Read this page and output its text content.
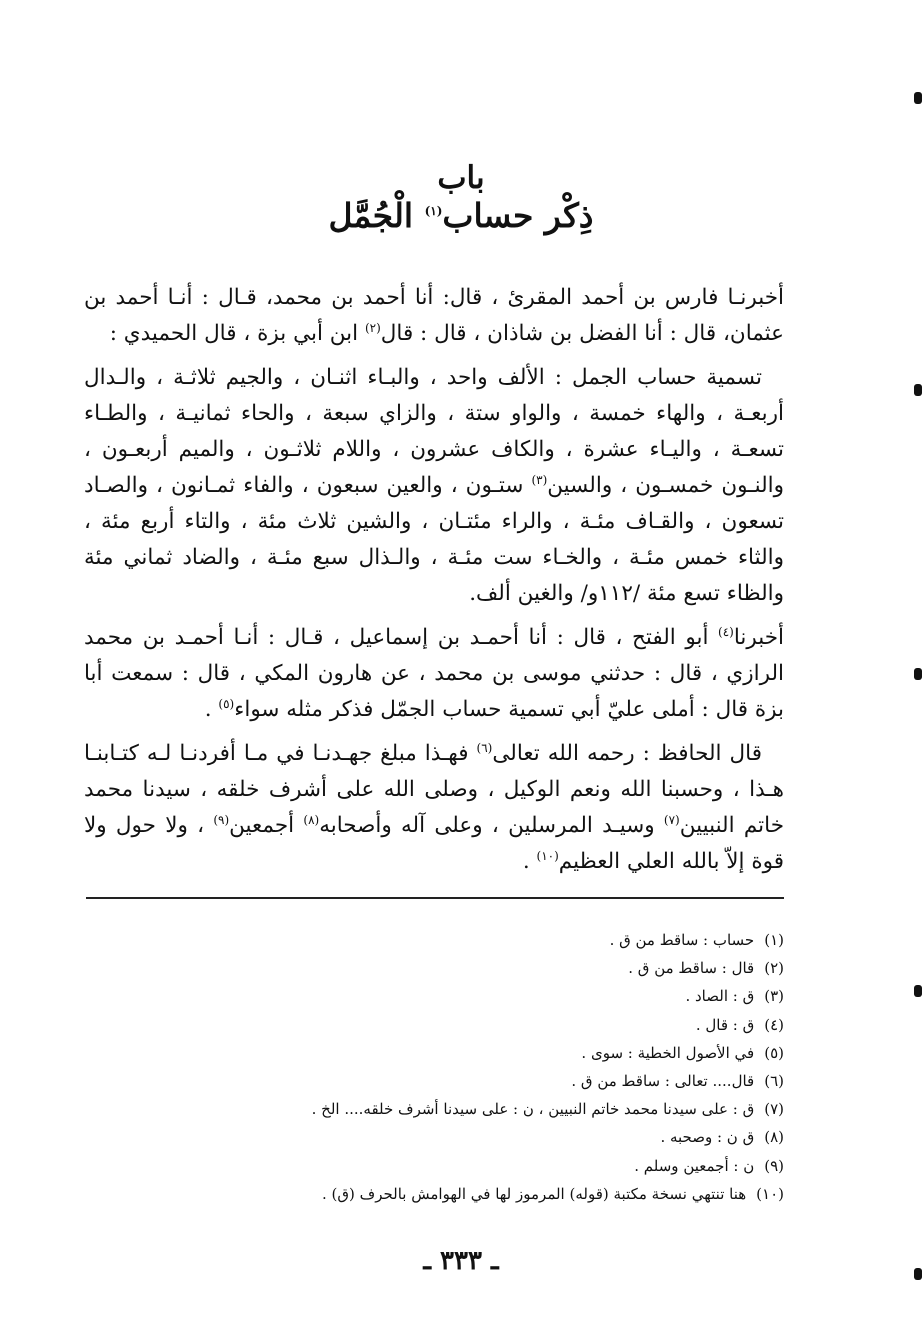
باب
ذِكْر حساب$^{(١)}$ الْجُمَّل

أخبرنـا فارس بن أحمد المقرئ ، قال: أنا أحمد بن محمد، قـال : أنـا أحمد بن عثمان، قال : أنا الفضل بن شاذان ، قال : قال$^{(٢)}$ ابن أبي بزة ، قال الحميدي :

تسمية حساب الجمل : الألف واحد ، والبـاء اثنـان ، والجيم ثلاثـة ، والـدال أربعـة ، والهاء خمسة ، والواو ستة ، والزاي سبعة ، والحاء ثمانيـة ، والطـاء تسعـة ، واليـاء عشرة ، والكاف عشرون ، واللام ثلاثـون ، والميم أربعـون ، والنـون خمسـون ، والسين$^{(٣)}$ ستـون ، والعين سبعون ، والفاء ثمـانون ، والصـاد تسعون ، والقـاف مئـة ، والراء مئتـان ، والشين ثلاث مئة ، والتاء أربع مئة ، والثاء خمس مئـة ، والخـاء ست مئـة ، والـذال سبع مئـة ، والضاد ثماني مئة والظاء تسع مئة /١١٢و/ والغين ألف.

أخبرنا$^{(٤)}$ أبو الفتح ، قال : أنا أحمـد بن إسماعيل ، قـال : أنـا أحمـد بن محمد الرازي ، قال : حدثني موسى بن محمد ، عن هارون المكي ، قال : سمعت أبا بزة قال : أملى عليّ أبي تسمية حساب الجمّل فذكر مثله سواء$^{(٥)}$ .

قال الحافظ : رحمه الله تعالى$^{(٦)}$ فهـذا مبلغ جهـدنـا في مـا أفردنـا لـه كتـابنـا هـذا ، وحسبنا الله ونعم الوكيل ، وصلى الله على أشرف خلقه ، سيدنا محمد خاتم النبيين$^{(٧)}$ وسيـد المرسلين ، وعلى آله وأصحابه$^{(٨)}$ أجمعين$^{(٩)}$ ، ولا حول ولا قوة إلاّ بالله العلي العظيم$^{(١٠)}$ .

(١)حساب : ساقط من ق .
(٢)قال : ساقط من ق .
(٣)ق : الصاد .
(٤)ق : قال .
(٥)في الأصول الخطية : سوى .
(٦)قال.... تعالى : ساقط من ق .
(٧)ق : على سيدنا محمد خاتم النبيين ، ن : على سيدنا أشرف خلقه.... الخ .
(٨)ق ن : وصحبه .
(٩)ن : أجمعين وسلم .
(١٠)هنا تنتهي نسخة مكتبة (قوله) المرموز لها في الهوامش بالحرف (ق) .
ـ ٣٣٣ ـ
